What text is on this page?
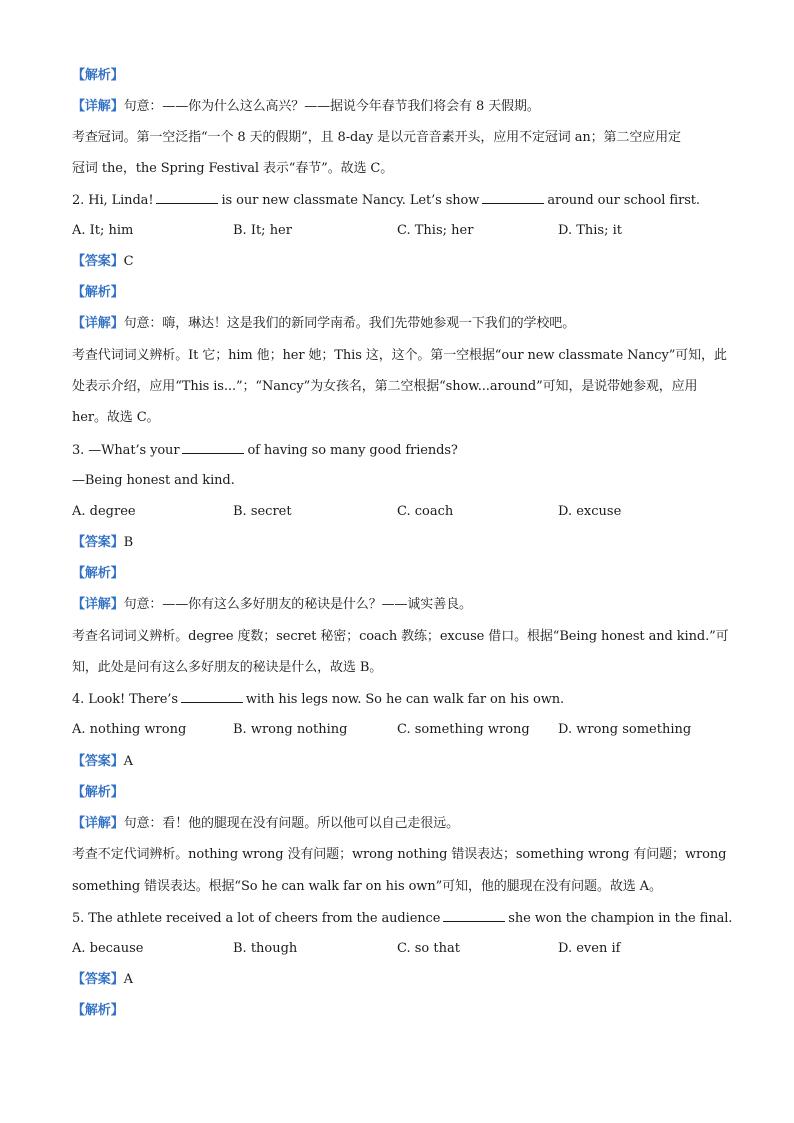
【解析】
【详解】句意：——你为什么这么高兴？——据说今年春节我们将会有 8 天假期。
考查冠词。第一空泛指“一个 8 天的假期”，且 8-day 是以元音音素开头，应用不定冠词 an；第二空应用定
冠词 the，the Spring Festival 表示“春节”。故选 C。
2. Hi, Linda!	is our new classmate Nancy. Let’s show	around our school first.
A. It; him	B. It; her	C. This; her	D. This; it
【答案】C
【解析】
【详解】句意：嗨，琳达！这是我们的新同学南希。我们先带她参观一下我们的学校吧。
考查代词词义辨析。It 它；him 他；her 她；This 这，这个。第一空根据“our new classmate Nancy”可知，此
处表示介绍，应用“This is...”；“Nancy”为女孩名，第二空根据“show...around”可知，是说带她参观，应用
her。故选 C。
3. —What’s your	of having so many good friends?
—Being honest and kind.
A. degree	B. secret	C. coach	D. excuse
【答案】B
【解析】
【详解】句意：——你有这么多好朋友的秘诀是什么？——诚实善良。
考查名词词义辨析。degree 度数；secret 秘密；coach 教练；excuse 借口。根据“Being honest and kind.”可
知，此处是问有这么多好朋友的秘诀是什么，故选 B。
4. Look! There’s	with his legs now. So he can walk far on his own.
A. nothing wrong	B. wrong nothing	C. something wrong D. wrong something
【答案】A
【解析】
【详解】句意：看！他的腿现在没有问题。所以他可以自己走很远。
考查不定代词辨析。nothing wrong 没有问题；wrong nothing 错误表达；something wrong 有问题；wrong
something 错误表达。根据“So he can walk far on his own”可知，他的腿现在没有问题。故选 A。
5. The athlete received a lot of cheers from the audience	she won the champion in the final.
A. because	B. though	C. so that	D. even if
【答案】A
【解析】
